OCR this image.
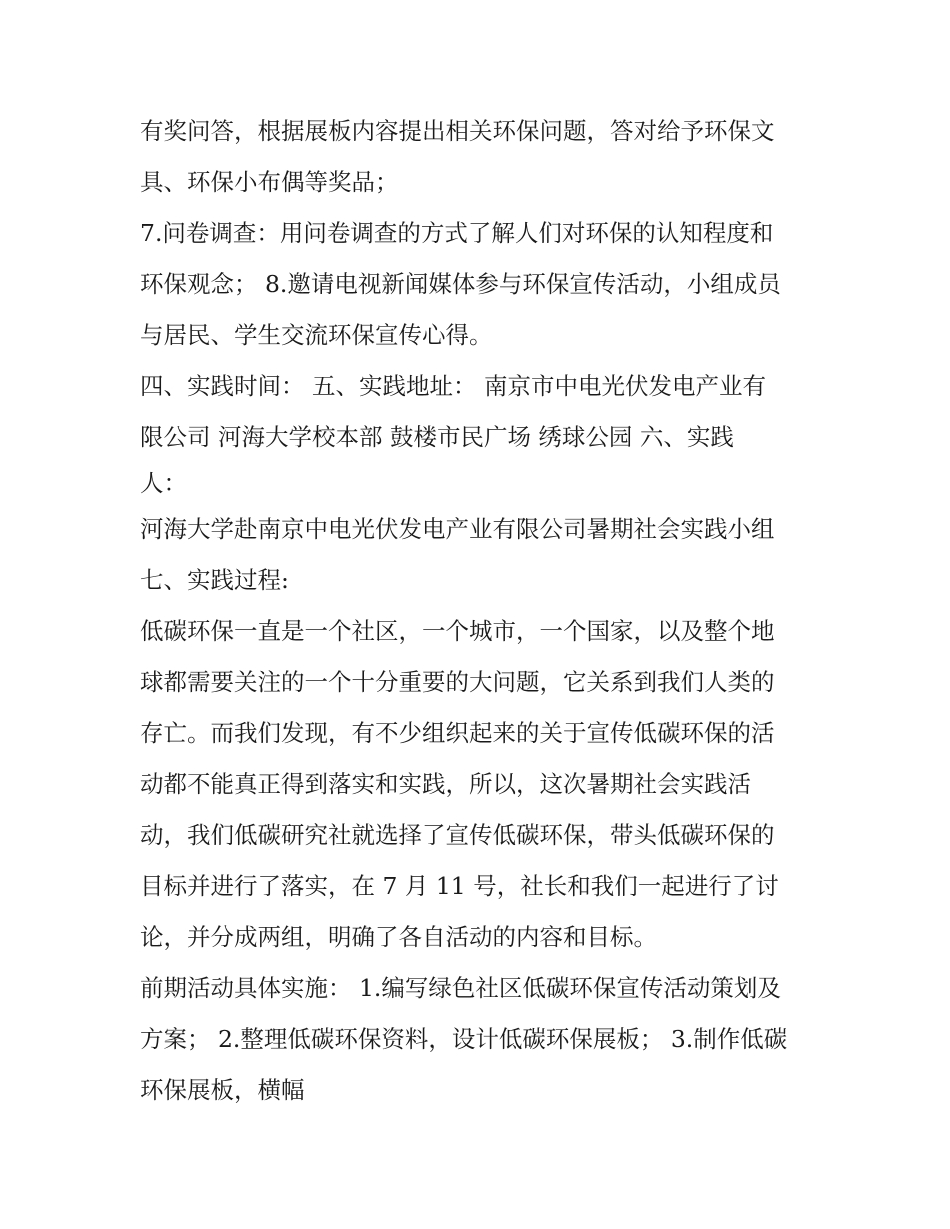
有奖问答，根据展板内容提出相关环保问题，答对给予环保文
具、环保小布偶等奖品；
7.问卷调查：用问卷调查的方式了解人们对环保的认知程度和
环保观念； 8.邀请电视新闻媒体参与环保宣传活动，小组成员
与居民、学生交流环保宣传心得。
四、实践时间： 五、实践地址： 南京市中电光伏发电产业有
限公司 河海大学校本部 鼓楼市民广场 绣球公园 六、实践
人：
河海大学赴南京中电光伏发电产业有限公司暑期社会实践小组
七、实践过程:
低碳环保一直是一个社区，一个城市，一个国家，以及整个地
球都需要关注的一个十分重要的大问题，它关系到我们人类的
存亡。而我们发现，有不少组织起来的关于宣传低碳环保的活
动都不能真正得到落实和实践，所以，这次暑期社会实践活
动，我们低碳研究社就选择了宣传低碳环保，带头低碳环保的
目标并进行了落实，在 7 月 11 号，社长和我们一起进行了讨
论，并分成两组，明确了各自活动的内容和目标。
前期活动具体实施： 1.编写绿色社区低碳环保宣传活动策划及
方案； 2.整理低碳环保资料，设计低碳环保展板； 3.制作低碳
环保展板，横幅
